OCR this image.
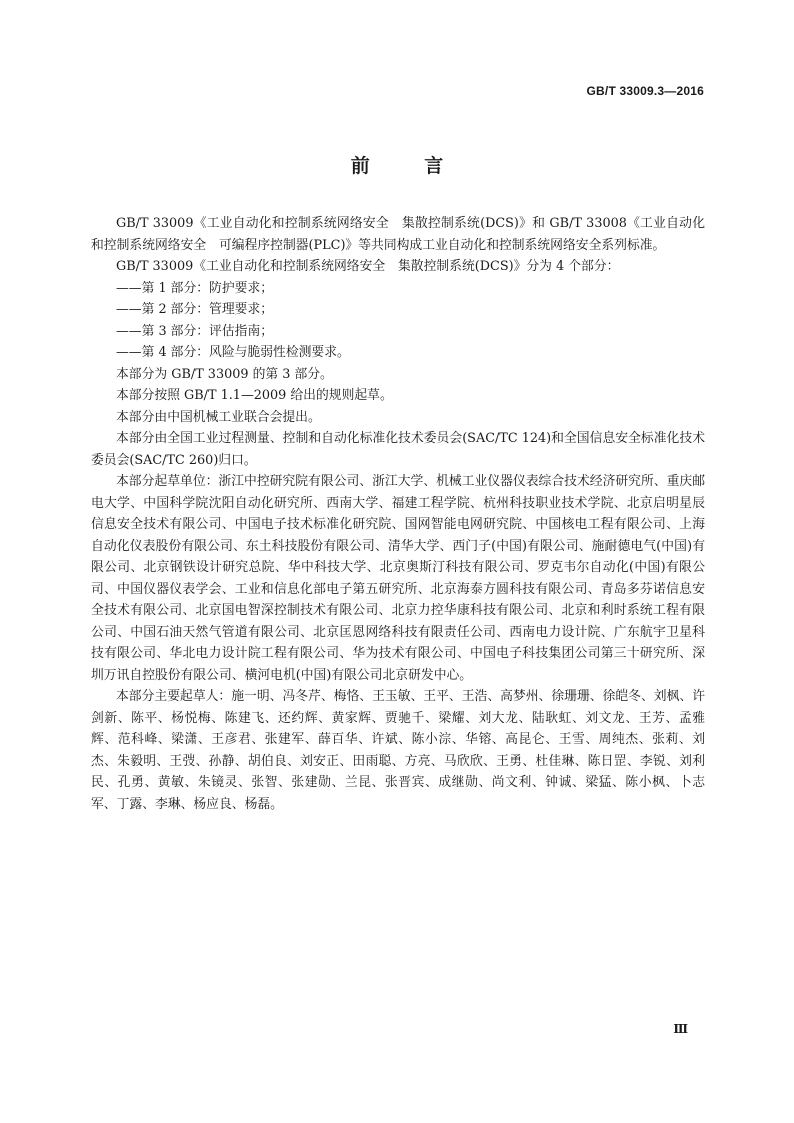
GB/T 33009.3—2016
前 言

GB/T 33009《工业自动化和控制系统网络安全　集散控制系统(DCS)》和 GB/T 33008《工业自动化和控制系统网络安全　可编程序控制器(PLC)》等共同构成工业自动化和控制系统网络安全系列标准。

GB/T 33009《工业自动化和控制系统网络安全　集散控制系统(DCS)》分为 4 个部分：

——第 1 部分：防护要求；

——第 2 部分：管理要求；

——第 3 部分：评估指南；

——第 4 部分：风险与脆弱性检测要求。

本部分为 GB/T 33009 的第 3 部分。

本部分按照 GB/T 1.1—2009 给出的规则起草。

本部分由中国机械工业联合会提出。

本部分由全国工业过程测量、控制和自动化标准化技术委员会(SAC/TC 124)和全国信息安全标准化技术委员会(SAC/TC 260)归口。

本部分起草单位：浙江中控研究院有限公司、浙江大学、机械工业仪器仪表综合技术经济研究所、重庆邮电大学、中国科学院沈阳自动化研究所、西南大学、福建工程学院、杭州科技职业技术学院、北京启明星辰信息安全技术有限公司、中国电子技术标准化研究院、国网智能电网研究院、中国核电工程有限公司、上海自动化仪表股份有限公司、东土科技股份有限公司、清华大学、西门子(中国)有限公司、施耐德电气(中国)有限公司、北京钢铁设计研究总院、华中科技大学、北京奥斯汀科技有限公司、罗克韦尔自动化(中国)有限公司、中国仪器仪表学会、工业和信息化部电子第五研究所、北京海泰方圆科技有限公司、青岛多芬诺信息安全技术有限公司、北京国电智深控制技术有限公司、北京力控华康科技有限公司、北京和利时系统工程有限公司、中国石油天然气管道有限公司、北京匡恩网络科技有限责任公司、西南电力设计院、广东航宇卫星科技有限公司、华北电力设计院工程有限公司、华为技术有限公司、中国电子科技集团公司第三十研究所、深圳万讯自控股份有限公司、横河电机(中国)有限公司北京研发中心。

本部分主要起草人：施一明、冯冬芹、梅恪、王玉敏、王平、王浩、高梦州、徐珊珊、徐皑冬、刘枫、许剑新、陈平、杨悦梅、陈建飞、还约辉、黄家辉、贾驰千、梁耀、刘大龙、陆耿虹、刘文龙、王芳、孟雅辉、范科峰、梁潇、王彦君、张建军、薛百华、许斌、陈小淙、华镕、高昆仑、王雪、周纯杰、张莉、刘杰、朱毅明、王弢、孙静、胡伯良、刘安正、田雨聪、方亮、马欣欣、王勇、杜佳琳、陈日罡、李锐、刘利民、孔勇、黄敏、朱镜灵、张智、张建勋、兰昆、张晋宾、成继勋、尚文利、钟诚、梁猛、陈小枫、卜志军、丁露、李琳、杨应良、杨磊。

Ⅲ
